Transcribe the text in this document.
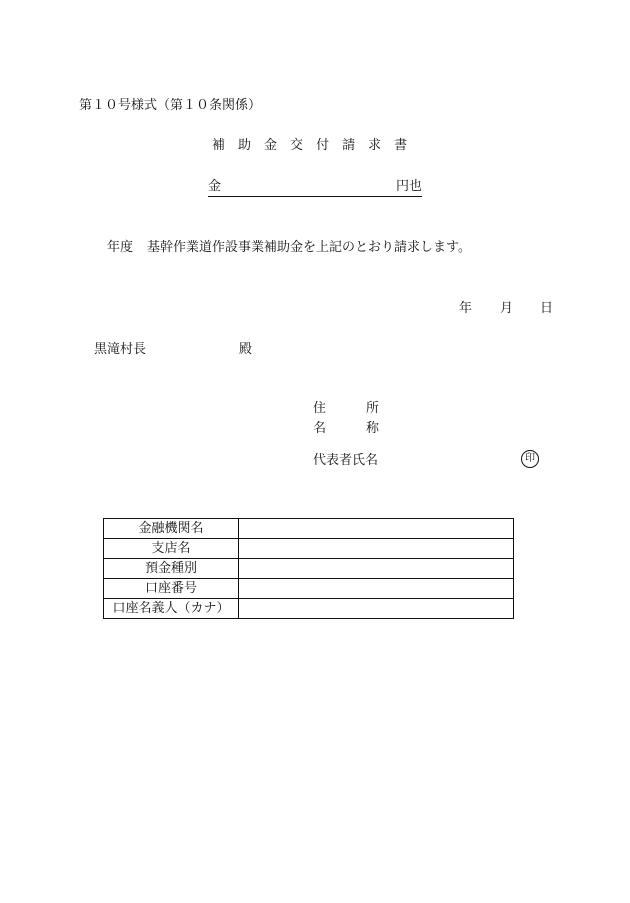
第１０号様式（第１０条関係）
補 助 金 交 付 請 求 書
金	円也
年度 基幹作業道作設事業補助金を上記のとおり請求します。
年 月 日
黒滝村長	殿
住	所
名	称
代表者氏名	印
金融機関名	
支店名	
預金種別	
口座番号	
口座名義人（カナ）	
